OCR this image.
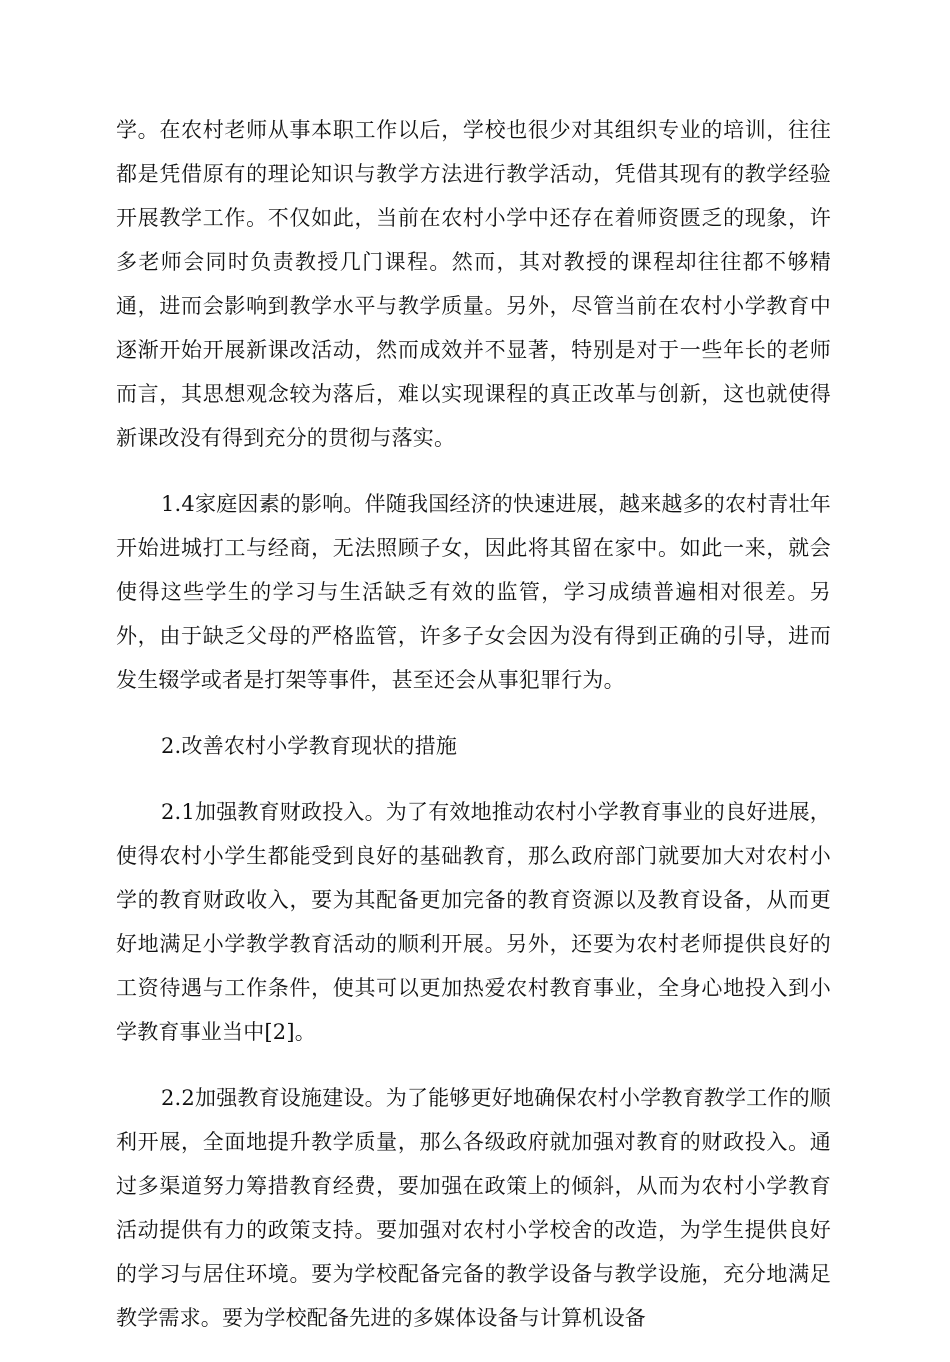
学。在农村老师从事本职工作以后，学校也很少对其组织专业的培训，往往都是凭借原有的理论知识与教学方法进行教学活动，凭借其现有的教学经验开展教学工作。不仅如此，当前在农村小学中还存在着师资匮乏的现象，许多老师会同时负责教授几门课程。然而，其对教授的课程却往往都不够精通，进而会影响到教学水平与教学质量。另外，尽管当前在农村小学教育中逐渐开始开展新课改活动，然而成效并不显著，特别是对于一些年长的老师而言，其思想观念较为落后，难以实现课程的真正改革与创新，这也就使得新课改没有得到充分的贯彻与落实。

1.4家庭因素的影响。伴随我国经济的快速进展，越来越多的农村青壮年开始进城打工与经商，无法照顾子女，因此将其留在家中。如此一来，就会使得这些学生的学习与生活缺乏有效的监管，学习成绩普遍相对很差。另外，由于缺乏父母的严格监管，许多子女会因为没有得到正确的引导，进而发生辍学或者是打架等事件，甚至还会从事犯罪行为。

2.改善农村小学教育现状的措施

2.1加强教育财政投入。为了有效地推动农村小学教育事业的良好进展，使得农村小学生都能受到良好的基础教育，那么政府部门就要加大对农村小学的教育财政收入，要为其配备更加完备的教育资源以及教育设备，从而更好地满足小学教学教育活动的顺利开展。另外，还要为农村老师提供良好的工资待遇与工作条件，使其可以更加热爱农村教育事业，全身心地投入到小学教育事业当中[2]。

2.2加强教育设施建设。为了能够更好地确保农村小学教育教学工作的顺利开展，全面地提升教学质量，那么各级政府就加强对教育的财政投入。通过多渠道努力筹措教育经费，要加强在政策上的倾斜，从而为农村小学教育活动提供有力的政策支持。要加强对农村小学校舍的改造，为学生提供良好的学习与居住环境。要为学校配备完备的教学设备与教学设施，充分地满足教学需求。要为学校配备先进的多媒体设备与计算机设备
